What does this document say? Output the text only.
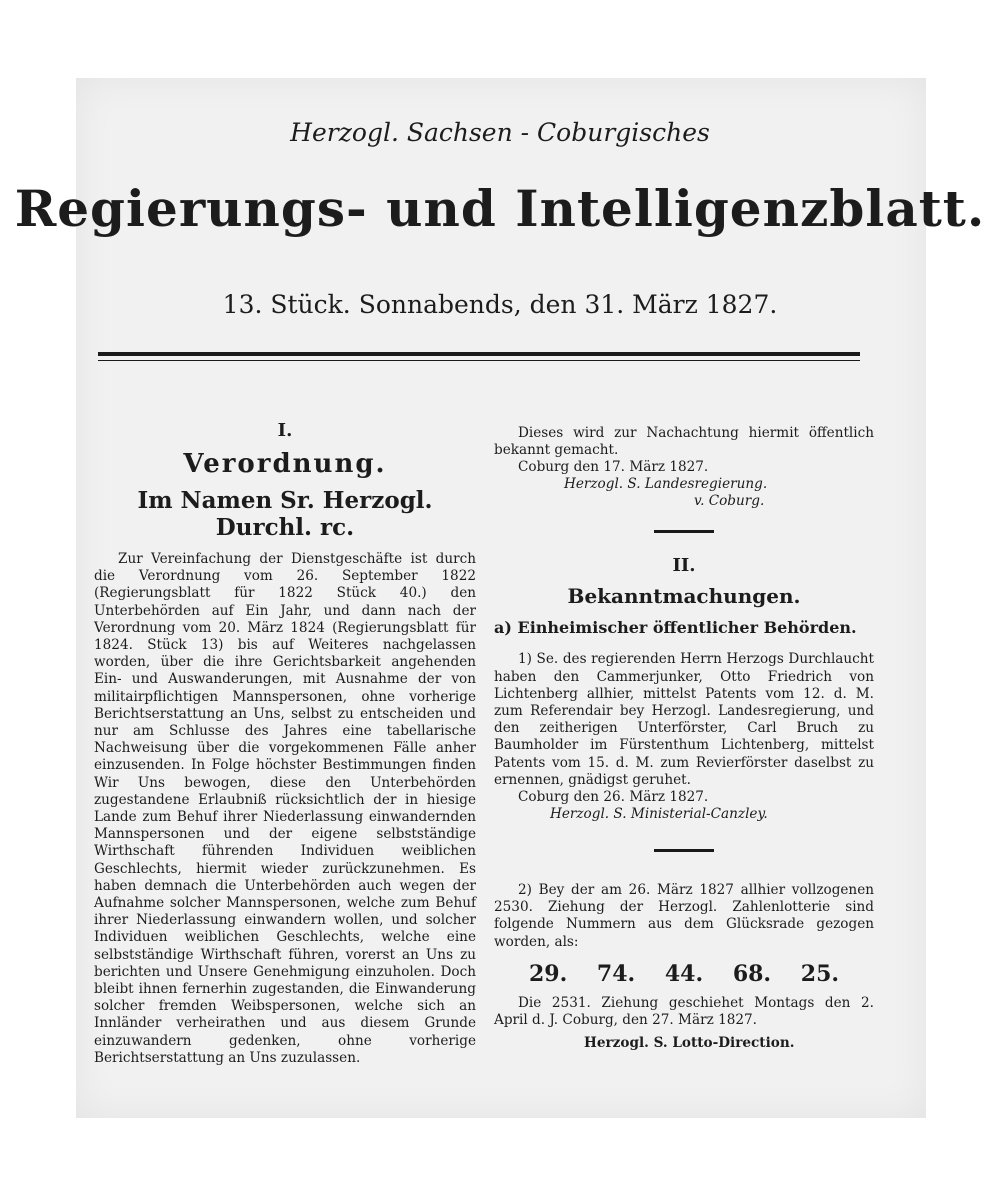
Herzogl. Sachsen - Coburgisches
Regierungs- und Intelligenzblatt.
13. Stück. Sonnabends, den 31. März 1827.
I.
Verordnung.
Im Namen Sr. Herzogl. Durchl. rc.

Zur Vereinfachung der Dienstgeschäfte ist durch die Verordnung vom 26. September 1822 (Regierungsblatt für 1822 Stück 40.) den Unterbehörden auf Ein Jahr, und dann nach der Verordnung vom 20. März 1824 (Regierungsblatt für 1824. Stück 13) bis auf Weiteres nachgelassen worden, über die ihre Gerichtsbarkeit angehenden Ein- und Auswanderungen, mit Ausnahme der von militairpflichtigen Mannspersonen, ohne vorherige Berichtserstattung an Uns, selbst zu entscheiden und nur am Schlusse des Jahres eine tabellarische Nachweisung über die vorgekommenen Fälle anher einzusenden. In Folge höchster Bestimmungen finden Wir Uns bewogen, diese den Unterbehörden zugestandene Erlaubniß rücksichtlich der in hiesige Lande zum Behuf ihrer Niederlassung einwandernden Mannspersonen und der eigene selbstständige Wirthschaft führenden Individuen weiblichen Geschlechts, hiermit wieder zurückzunehmen. Es haben demnach die Unterbehörden auch wegen der Aufnahme solcher Mannspersonen, welche zum Behuf ihrer Niederlassung einwandern wollen, und solcher Individuen weiblichen Geschlechts, welche eine selbstständige Wirthschaft führen, vorerst an Uns zu berichten und Unsere Genehmigung einzuholen. Doch bleibt ihnen fernerhin zugestanden, die Einwanderung solcher fremden Weibspersonen, welche sich an Innländer verheirathen und aus diesem Grunde einzuwandern gedenken, ohne vorherige Berichtserstattung an Uns zuzulassen.

Dieses wird zur Nachachtung hiermit öffentlich bekannt gemacht.

Coburg den 17. März 1827.
Herzogl. S. Landesregierung.
v. Coburg.
II.
Bekanntmachungen.
a) Einheimischer öffentlicher Behörden.

1) Se. des regierenden Herrn Herzogs Durchlaucht haben den Cammerjunker, Otto Friedrich von Lichtenberg allhier, mittelst Patents vom 12. d. M. zum Referendair bey Herzogl. Landesregierung, und den zeitherigen Unterförster, Carl Bruch zu Baumholder im Fürstenthum Lichtenberg, mittelst Patents vom 15. d. M. zum Revierförster daselbst zu ernennen, gnädigst geruhet.

Coburg den 26. März 1827.
Herzogl. S. Ministerial-Canzley.

2) Bey der am 26. März 1827 allhier vollzogenen 2530. Ziehung der Herzogl. Zahlenlotterie sind folgende Nummern aus dem Glücksrade gezogen worden, als:

29. 74. 44. 68. 25.

Die 2531. Ziehung geschiehet Montags den 2. April d. J. Coburg, den 27. März 1827.

Herzogl. S. Lotto-Direction.
